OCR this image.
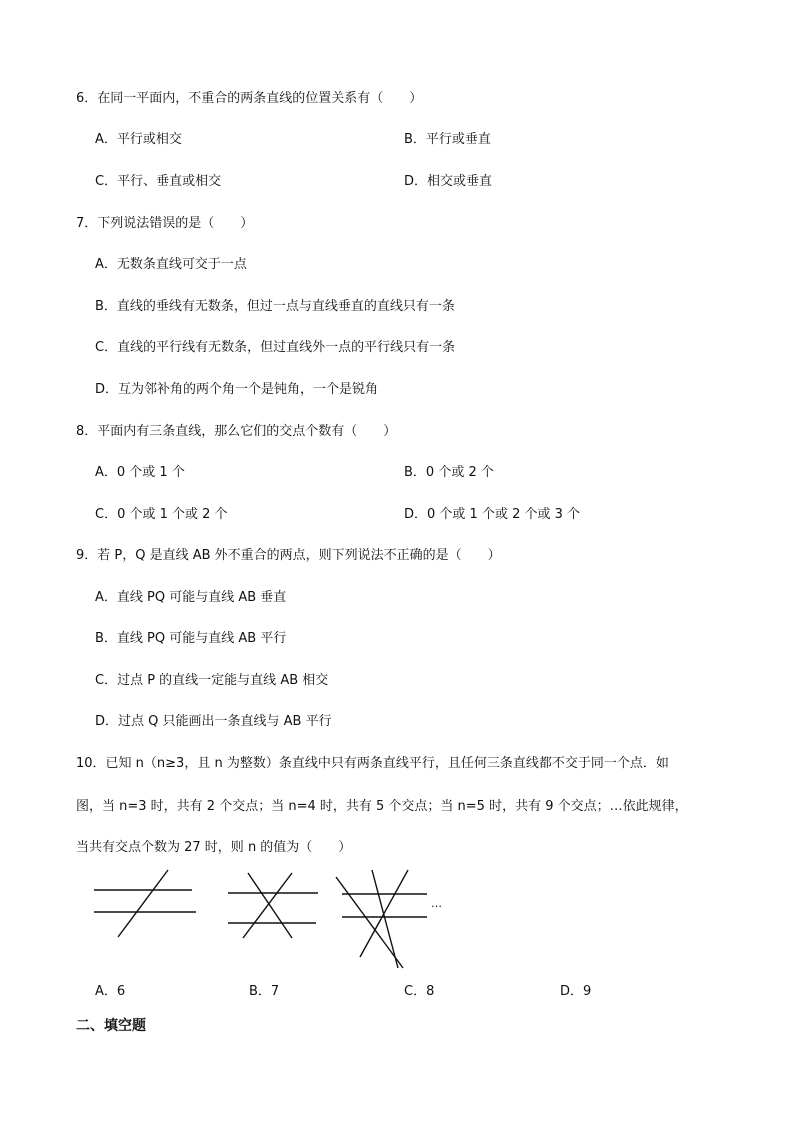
6．在同一平面内，不重合的两条直线的位置关系有（　　）
A．平行或相交	B．平行或垂直
C．平行、垂直或相交	D．相交或垂直
7．下列说法错误的是（　　）
A．无数条直线可交于一点
B．直线的垂线有无数条，但过一点与直线垂直的直线只有一条
C．直线的平行线有无数条，但过直线外一点的平行线只有一条
D．互为邻补角的两个角一个是钝角，一个是锐角
8．平面内有三条直线，那么它们的交点个数有（　　）
A．0 个或 1 个	B．0 个或 2 个
C．0 个或 1 个或 2 个	D．0 个或 1 个或 2 个或 3 个
9．若 P，Q 是直线 AB 外不重合的两点，则下列说法不正确的是（　　）
A．直线 PQ 可能与直线 AB 垂直
B．直线 PQ 可能与直线 AB 平行
C．过点 P 的直线一定能与直线 AB 相交
D．过点 Q 只能画出一条直线与 AB 平行
10．已知 n（n≥3，且 n 为整数）条直线中只有两条直线平行，且任何三条直线都不交于同一个点．如
图，当 n=3 时，共有 2 个交点；当 n=4 时，共有 5 个交点；当 n=5 时，共有 9 个交点；…依此规律，
当共有交点个数为 27 时，则 n 的值为（　　）
…
A．6	B．7	C．8	D．9
二、填空题
